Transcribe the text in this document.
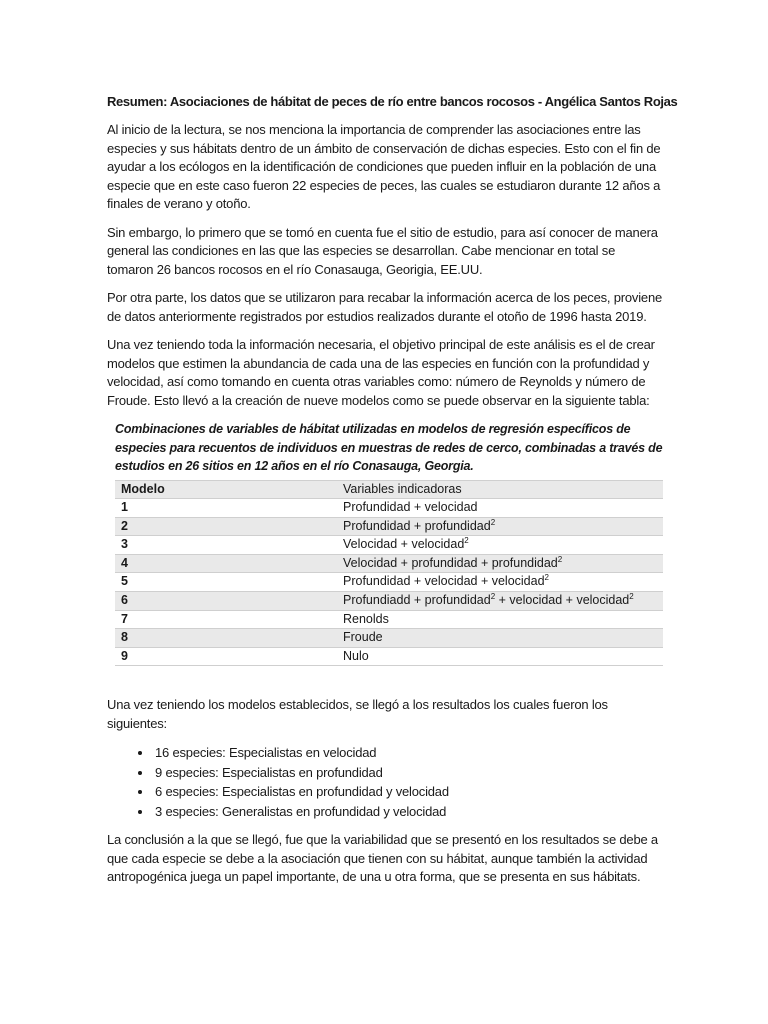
Resumen: Asociaciones de hábitat de peces de río entre bancos rocosos - Angélica Santos Rojas

Al inicio de la lectura, se nos menciona la importancia de comprender las asociaciones entre las especies y sus hábitats dentro de un ámbito de conservación de dichas especies. Esto con el fin de ayudar a los ecólogos en la identificación de condiciones que pueden influir en la población de una especie que en este caso fueron 22 especies de peces, las cuales se estudiaron durante 12 años a finales de verano y otoño.

Sin embargo, lo primero que se tomó en cuenta fue el sitio de estudio, para así conocer de manera general las condiciones en las que las especies se desarrollan. Cabe mencionar en total se tomaron 26 bancos rocosos en el río Conasauga, Georigia, EE.UU.

Por otra parte, los datos que se utilizaron para recabar la información acerca de los peces, proviene de datos anteriormente registrados por estudios realizados durante el otoño de 1996 hasta 2019.

Una vez teniendo toda la información necesaria, el objetivo principal de este análisis es el de crear modelos que estimen la abundancia de cada una de las especies en función con la profundidad y velocidad, así como tomando en cuenta otras variables como: número de Reynolds y número de Froude. Esto llevó a la creación de nueve modelos como se puede observar en la siguiente tabla:

Combinaciones de variables de hábitat utilizadas en modelos de regresión específicos de especies para recuentos de individuos en muestras de redes de cerco, combinadas a través de estudios en 26 sitios en 12 años en el río Conasauga, Georgia.
Modelo	Variables indicadoras
1	Profundidad + velocidad
2	Profundidad + profundidad$^2$
3	Velocidad + velocidad$^2$
4	Velocidad + profundidad + profundidad$^2$
5	Profundidad + velocidad + velocidad$^2$
6	Profundiadd + profundidad$^2$ + velocidad + velocidad$^2$
7	Renolds
8	Froude
9	Nulo

Una vez teniendo los modelos establecidos, se llegó a los resultados los cuales fueron los siguientes:

• 16 especies: Especialistas en velocidad
• 9 especies: Especialistas en profundidad
• 6 especies: Especialistas en profundidad y velocidad
• 3 especies: Generalistas en profundidad y velocidad

La conclusión a la que se llegó, fue que la variabilidad que se presentó en los resultados se debe a que cada especie se debe a la asociación que tienen con su hábitat, aunque también la actividad antropogénica juega un papel importante, de una u otra forma, que se presenta en sus hábitats.
